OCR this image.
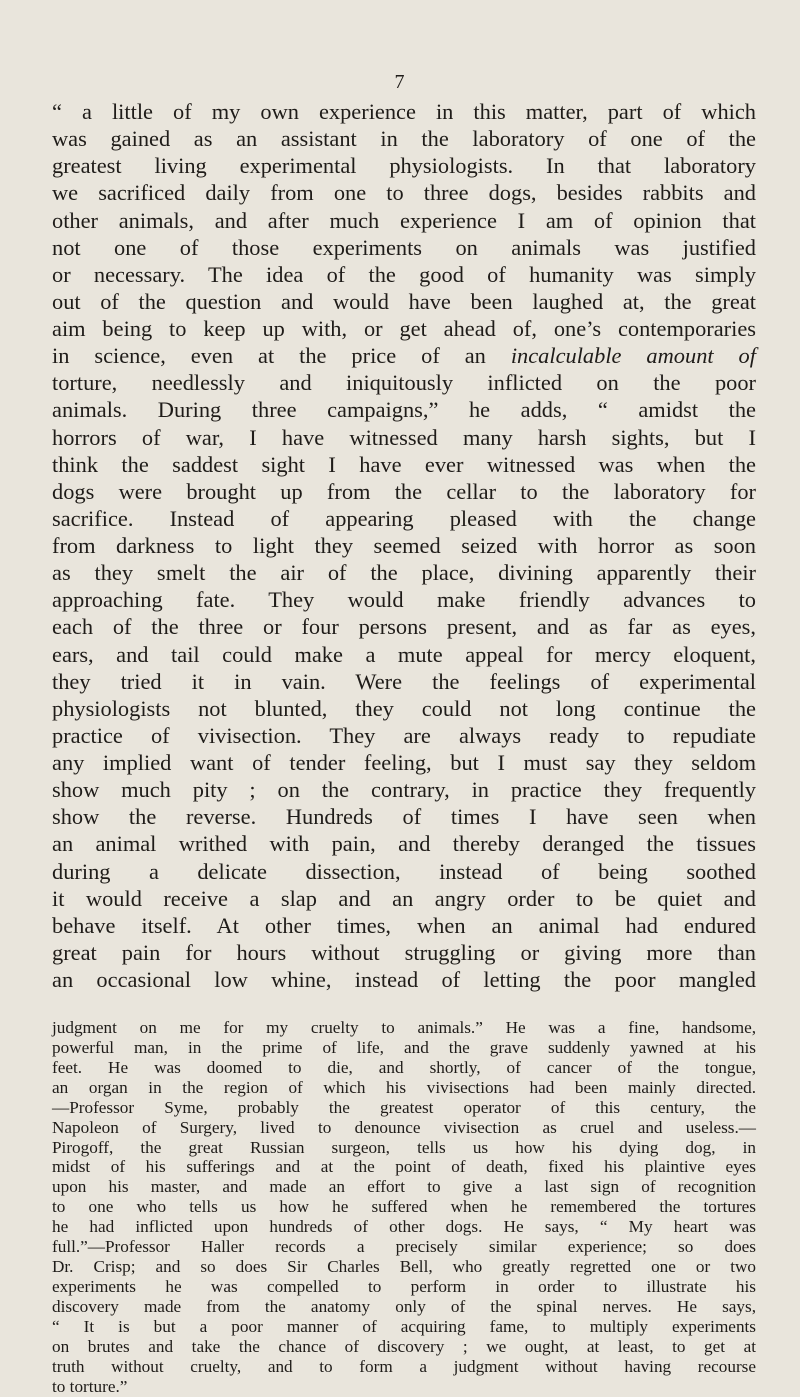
7
“ a little of my own experience in this matter, part of which
was gained as an assistant in the laboratory of one of the
greatest living experimental physiologists. In that laboratory
we sacrificed daily from one to three dogs, besides rabbits and
other animals, and after much experience I am of opinion that
not one of those experiments on animals was justified
or necessary. The idea of the good of humanity was simply
out of the question and would have been laughed at, the great
aim being to keep up with, or get ahead of, one’s contemporaries
in science, even at the price of an incalculable amount of
torture, needlessly and iniquitously inflicted on the poor
animals. During three campaigns,” he adds, “ amidst the
horrors of war, I have witnessed many harsh sights, but I
think the saddest sight I have ever witnessed was when the
dogs were brought up from the cellar to the laboratory for
sacrifice. Instead of appearing pleased with the change
from darkness to light they seemed seized with horror as soon
as they smelt the air of the place, divining apparently their
approaching fate. They would make friendly advances to
each of the three or four persons present, and as far as eyes,
ears, and tail could make a mute appeal for mercy eloquent,
they tried it in vain. Were the feelings of experimental
physiologists not blunted, they could not long continue the
practice of vivisection. They are always ready to repudiate
any implied want of tender feeling, but I must say they seldom
show much pity ; on the contrary, in practice they frequently
show the reverse. Hundreds of times I have seen when
an animal writhed with pain, and thereby deranged the tissues
during a delicate dissection, instead of being soothed
it would receive a slap and an angry order to be quiet and
behave itself. At other times, when an animal had endured
great pain for hours without struggling or giving more than
an occasional low whine, instead of letting the poor mangled
judgment on me for my cruelty to animals.” He was a fine, handsome,
powerful man, in the prime of life, and the grave suddenly yawned at his
feet. He was doomed to die, and shortly, of cancer of the tongue,
an organ in the region of which his vivisections had been mainly directed.
—Professor Syme, probably the greatest operator of this century, the
Napoleon of Surgery, lived to denounce vivisection as cruel and useless.—
Pirogoff, the great Russian surgeon, tells us how his dying dog, in
midst of his sufferings and at the point of death, fixed his plaintive eyes
upon his master, and made an effort to give a last sign of recognition
to one who tells us how he suffered when he remembered the tortures
he had inflicted upon hundreds of other dogs. He says, “ My heart was
full.”—Professor Haller records a precisely similar experience; so does
Dr. Crisp; and so does Sir Charles Bell, who greatly regretted one or two
experiments he was compelled to perform in order to illustrate his
discovery made from the anatomy only of the spinal nerves. He says,
“ It is but a poor manner of acquiring fame, to multiply experiments
on brutes and take the chance of discovery ; we ought, at least, to get at
truth without cruelty, and to form a judgment without having recourse
to torture.”
